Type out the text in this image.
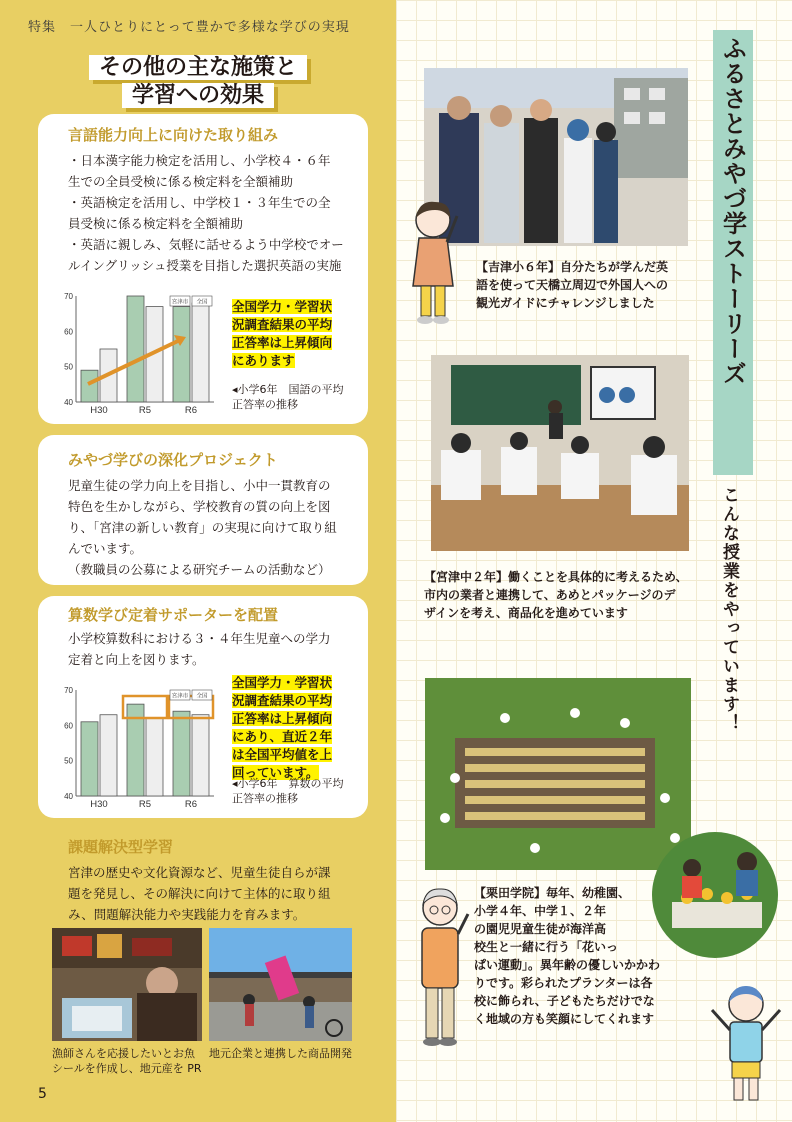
特集　一人ひとりにとって豊かで多様な学びの実現
その他の主な施策と
学習への効果
言語能力向上に向けた取り組み
・日本漢字能力検定を活用し、小学校４・６年
生での全員受検に係る検定料を全額補助
・英語検定を活用し、中学校１・３年生での全
員受検に係る検定料を全額補助
・英語に親しみ、気軽に話せるよう中学校でオー
ルイングリッシュ授業を目指した選択英語の実施
70
60
50
40
H30	R5	R6
宮津市 全国 全国学力・学習状
況調査結果の平均
正答率は上昇傾向
にあります
◂小学6年　国語の平均
正答率の推移
みやづ学びの深化プロジェクト
児童生徒の学力向上を目指し、小中一貫教育の
特色を生かしながら、学校教育の質の向上を図
り、「宮津の新しい教育」の実現に向けて取り組
んでいます。
（教職員の公募による研究チームの活動など）
算数学び定着サポーターを配置
小学校算数科における３・４年生児童への学力
定着と向上を図ります。
70
60
50
40
H30	R5	R6
宮津市 全国
全国学力・学習状
況調査結果の平均
正答率は上昇傾向
にあり、直近２年
は全国平均値を上
回っています。
◂小学6年　算数の平均
正答率の推移
課題解決型学習
宮津の歴史や文化資源など、児童生徒自らが課
題を発見し、その解決に向けて主体的に取り組
み、問題解決能力や実践能力を育みます。
漁師さんを応援したいとお魚
シールを作成し、地元産を PR
地元企業と連携した商品開発
5
ふるさとみやづ学ストーリーズ
こんな授業をやっています！
【吉津小６年】自分たちが学んだ英
語を使って天橋立周辺で外国人への
観光ガイドにチャレンジしました
【宮津中２年】働くことを具体的に考えるため、
市内の業者と連携して、あめとパッケージのデ
ザインを考え、商品化を進めています
【栗田学院】毎年、幼稚園、
小学４年、中学１、２年
の園児児童生徒が海洋高
校生と一緒に行う「花いっ
ぱい運動」。異年齢の優しいかかわ
りです。彩られたプランターは各
校に飾られ、子どもたちだけでな
く地域の方も笑顔にしてくれます
